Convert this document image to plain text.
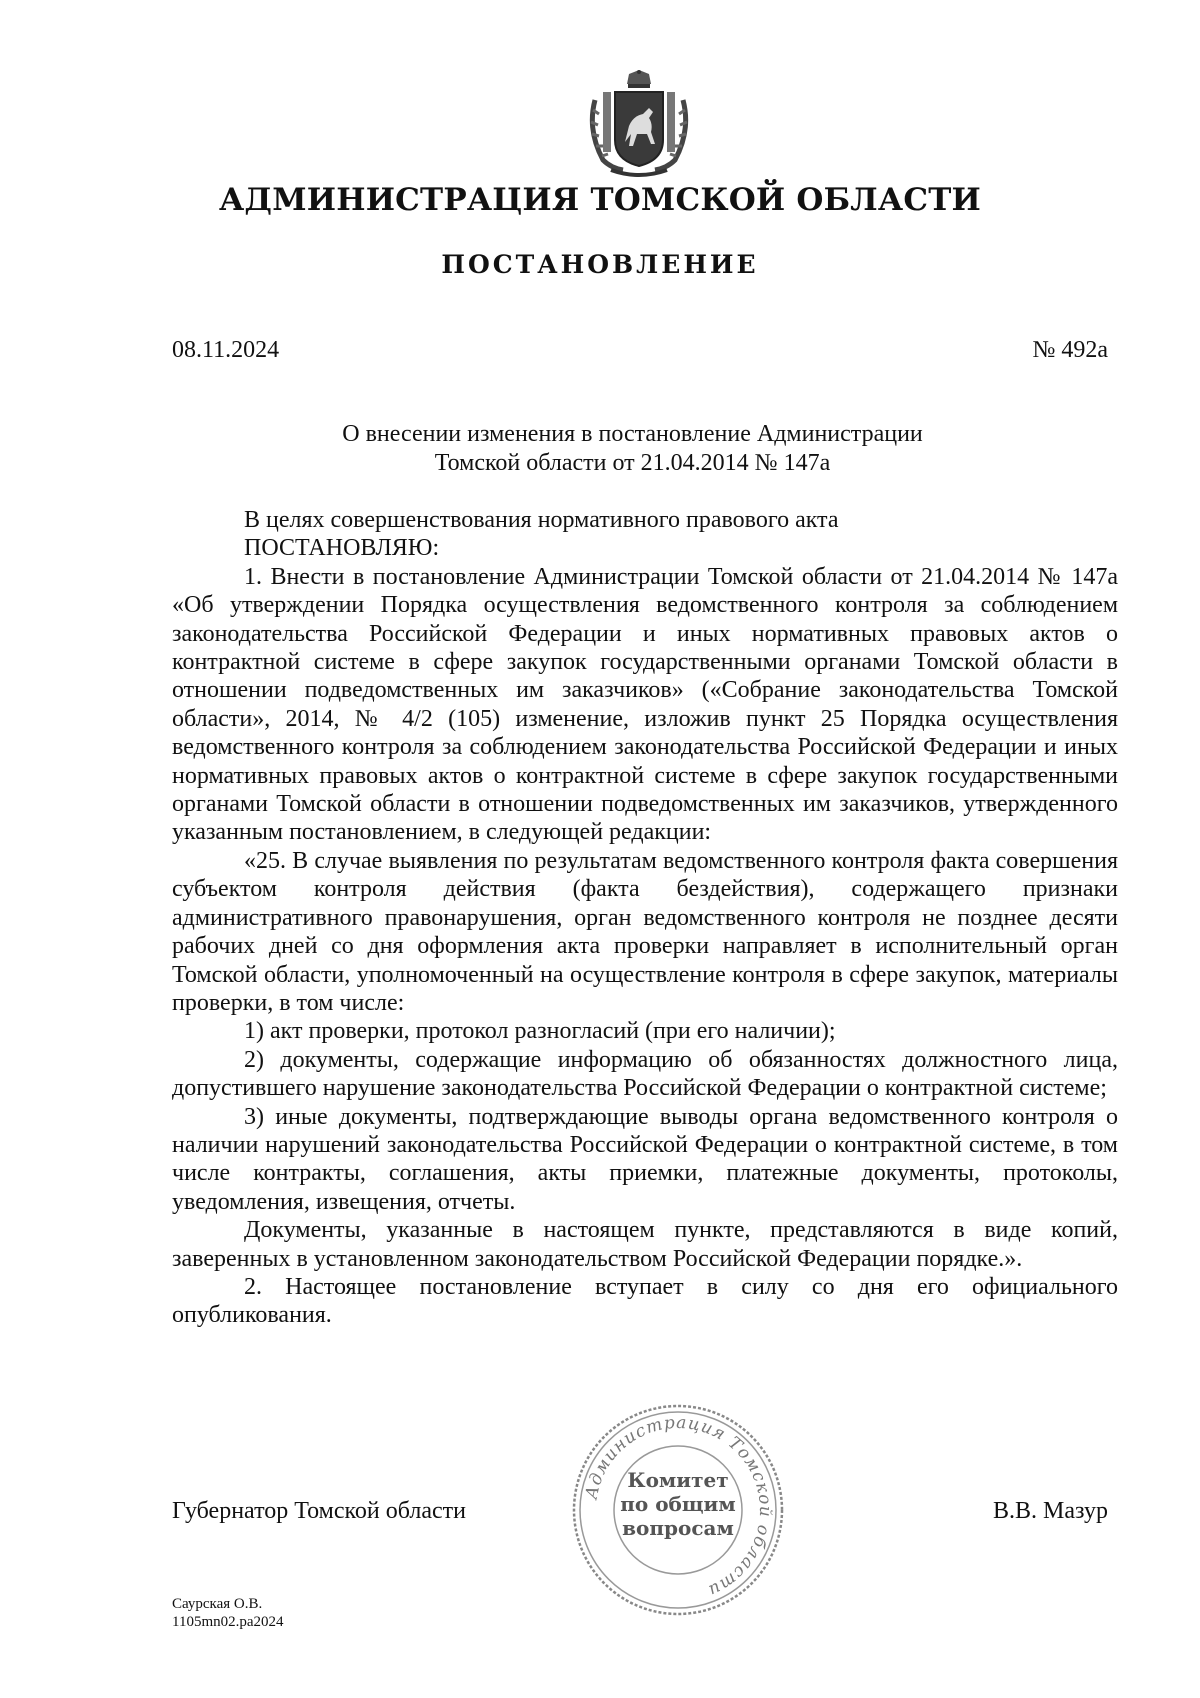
АДМИНИСТРАЦИЯ ТОМСКОЙ ОБЛАСТИ
ПОСТАНОВЛЕНИЕ
08.11.2024	№ 492а
О внесении изменения в постановление Администрации
Томской области от 21.04.2014 № 147а

В целях совершенствования нормативного правового акта

ПОСТАНОВЛЯЮ:

1. Внести в постановление Администрации Томской области от 21.04.2014 № 147а «Об утверждении Порядка осуществления ведомственного контроля за соблюдением законодательства Российской Федерации и иных нормативных правовых актов о контрактной системе в сфере закупок государственными органами Томской области в отношении подведомственных им заказчиков» («Собрание законодательства Томской области», 2014, № 4/2 (105) изменение, изложив пункт 25 Порядка осуществления ведомственного контроля за соблюдением законодательства Российской Федерации и иных нормативных правовых актов о контрактной системе в сфере закупок государственными органами Томской области в отношении подведомственных им заказчиков, утвержденного указанным постановлением, в следующей редакции:

«25. В случае выявления по результатам ведомственного контроля факта совершения субъектом контроля действия (факта бездействия), содержащего признаки административного правонарушения, орган ведомственного контроля не позднее десяти рабочих дней со дня оформления акта проверки направляет в исполнительный орган Томской области, уполномоченный на осуществление контроля в сфере закупок, материалы проверки, в том числе:

1) акт проверки, протокол разногласий (при его наличии);

2) документы, содержащие информацию об обязанностях должностного лица, допустившего нарушение законодательства Российской Федерации о контрактной системе;

3) иные документы, подтверждающие выводы органа ведомственного контроля о наличии нарушений законодательства Российской Федерации о контрактной системе, в том числе контракты, соглашения, акты приемки, платежные документы, протоколы, уведомления, извещения, отчеты.

Документы, указанные в настоящем пункте, представляются в виде копий, заверенных в установленном законодательством Российской Федерации порядке.».

2. Настоящее постановление вступает в силу со дня его официального опубликования.

Администрация Томской области
Комитет
по общим
вопросам
Губернатор Томской области	В.В. Мазур
Саурская О.В.
1105mn02.pa2024
